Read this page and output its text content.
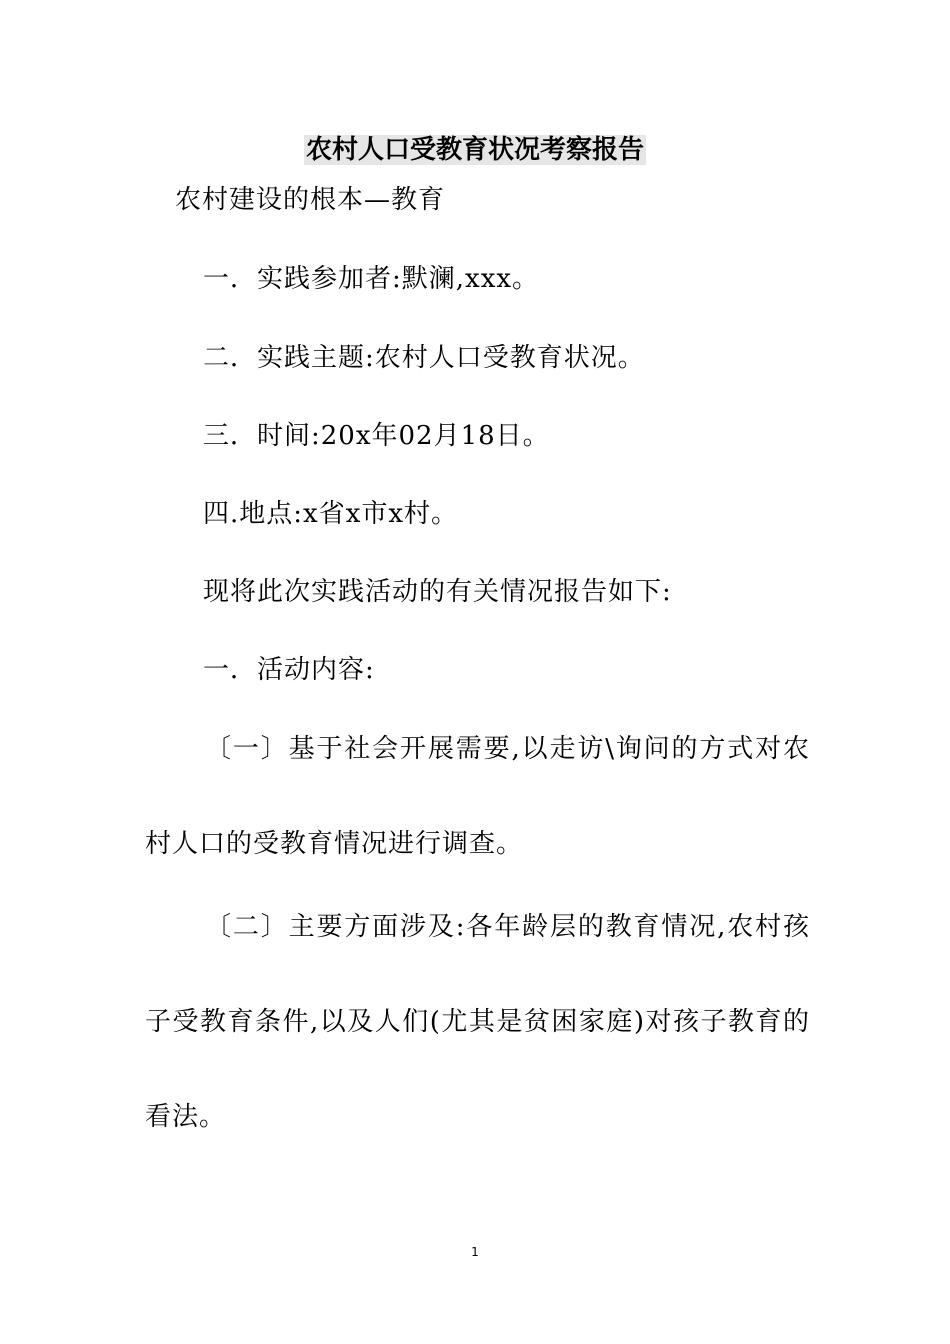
农村人口受教育状况考察报告
农村建设的根本—教育
一．实践参加者:默澜,xxx。
二．实践主题:农村人口受教育状况。
三．时间:20x年02月18日。
四.地点:x省x市x村。
现将此次实践活动的有关情况报告如下:
一．活动内容:
〔一〕基于社会开展需要,以走访\询问的方式对农村人口的受教育情况进行调查。
〔二〕主要方面涉及:各年龄层的教育情况,农村孩子受教育条件,以及人们(尤其是贫困家庭)对孩子教育的看法。
1
